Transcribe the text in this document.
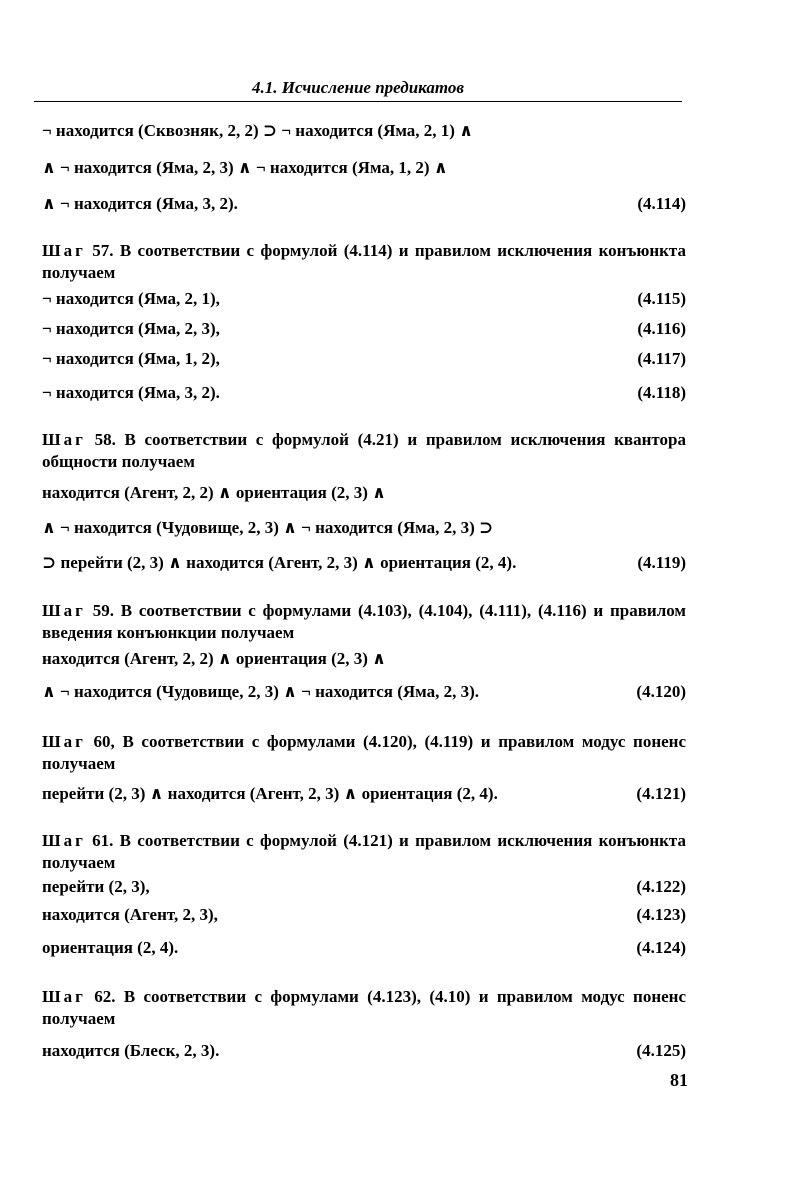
4.1. Исчисление предикатов
¬ находится (Сквозняк, 2, 2) ⊃ ¬ находится (Яма, 2, 1) ∧
∧ ¬ находится (Яма, 2, 3) ∧ ¬ находится (Яма, 1, 2) ∧
∧ ¬ находится (Яма, 3, 2).	(4.114)
Шаг 57. В соответствии с формулой (4.114) и правилом исключения конъюнкта получаем
¬ находится (Яма, 2, 1),	(4.115)
¬ находится (Яма, 2, 3),	(4.116)
¬ находится (Яма, 1, 2),	(4.117)
¬ находится (Яма, 3, 2).	(4.118)
Шаг 58. В соответствии с формулой (4.21) и правилом исключения квантора общности получаем
находится (Агент, 2, 2) ∧ ориентация (2, 3) ∧
∧ ¬ находится (Чудовище, 2, 3) ∧ ¬ находится (Яма, 2, 3) ⊃
⊃ перейти (2, 3) ∧ находится (Агент, 2, 3) ∧ ориентация (2, 4).	(4.119)
Шаг 59. В соответствии с формулами (4.103), (4.104), (4.111), (4.116) и правилом введения конъюнкции получаем
находится (Агент, 2, 2) ∧ ориентация (2, 3) ∧
∧ ¬ находится (Чудовище, 2, 3) ∧ ¬ находится (Яма, 2, 3).	(4.120)
Шаг 60, В соответствии с формулами (4.120), (4.119) и правилом модус поненс получаем
перейти (2, 3) ∧ находится (Агент, 2, 3) ∧ ориентация (2, 4).	(4.121)
Шаг 61. В соответствии с формулой (4.121) и правилом исключения конъюнкта получаем
перейти (2, 3),	(4.122)
находится (Агент, 2, 3),	(4.123)
ориентация (2, 4).	(4.124)
Шаг 62. В соответствии с формулами (4.123), (4.10) и правилом модус поненс получаем
находится (Блеск, 2, 3).	(4.125)
81
